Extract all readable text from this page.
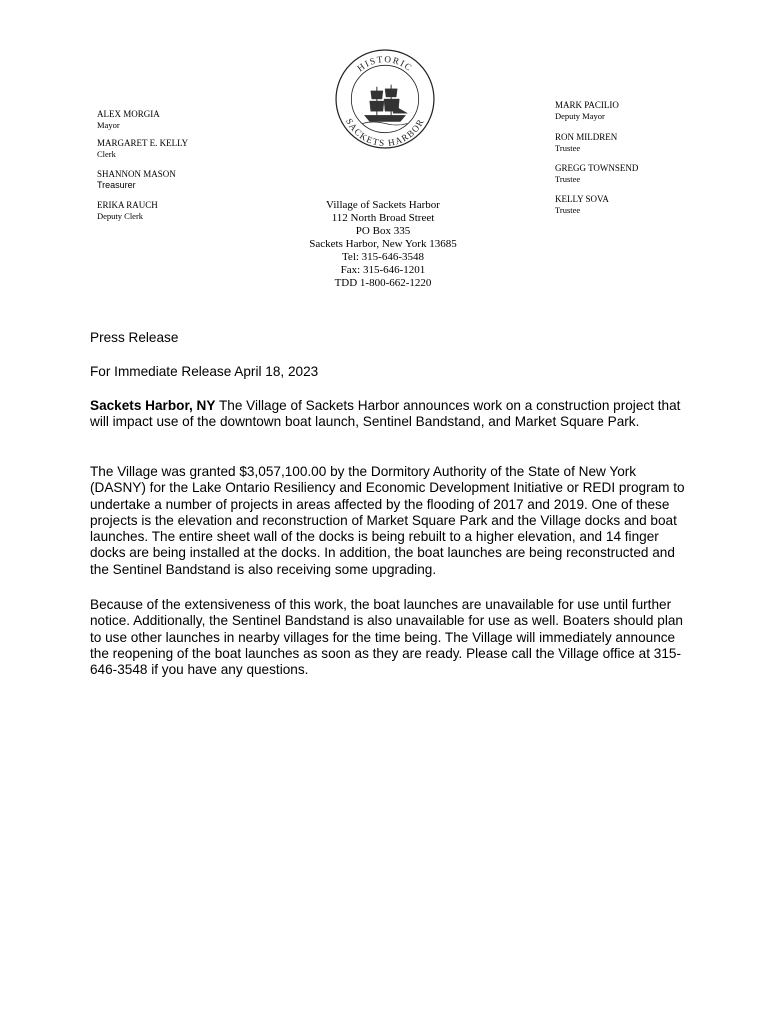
HISTORIC
SACKETS HARBOR
ALEX MORGIA
Mayor
MARGARET E. KELLY
Clerk
SHANNON MASON
Treasurer
ERIKA RAUCH
Deputy Clerk
MARK PACILIO
Deputy Mayor
RON MILDREN
Trustee
GREGG TOWNSEND
Trustee
KELLY SOVA
Trustee
Village of Sackets Harbor
112 North Broad Street
PO Box 335
Sackets Harbor, New York 13685
Tel: 315-646-3548
Fax: 315-646-1201
TDD 1-800-662-1220

Press Release

For Immediate Release April 18, 2023

Sackets Harbor, NY The Village of Sackets Harbor announces work on a construction project that will impact use of the downtown boat launch, Sentinel Bandstand, and Market Square Park.

The Village was granted $3,057,100.00 by the Dormitory Authority of the State of New York (DASNY) for the Lake Ontario Resiliency and Economic Development Initiative or REDI program to undertake a number of projects in areas affected by the flooding of 2017 and 2019. One of these projects is the elevation and reconstruction of Market Square Park and the Village docks and boat launches. The entire sheet wall of the docks is being rebuilt to a higher elevation, and 14 finger docks are being installed at the docks. In addition, the boat launches are being reconstructed and the Sentinel Bandstand is also receiving some upgrading.

Because of the extensiveness of this work, the boat launches are unavailable for use until further notice. Additionally, the Sentinel Bandstand is also unavailable for use as well. Boaters should plan to use other launches in nearby villages for the time being. The Village will immediately announce the reopening of the boat launches as soon as they are ready. Please call the Village office at 315-646-3548 if you have any questions.
